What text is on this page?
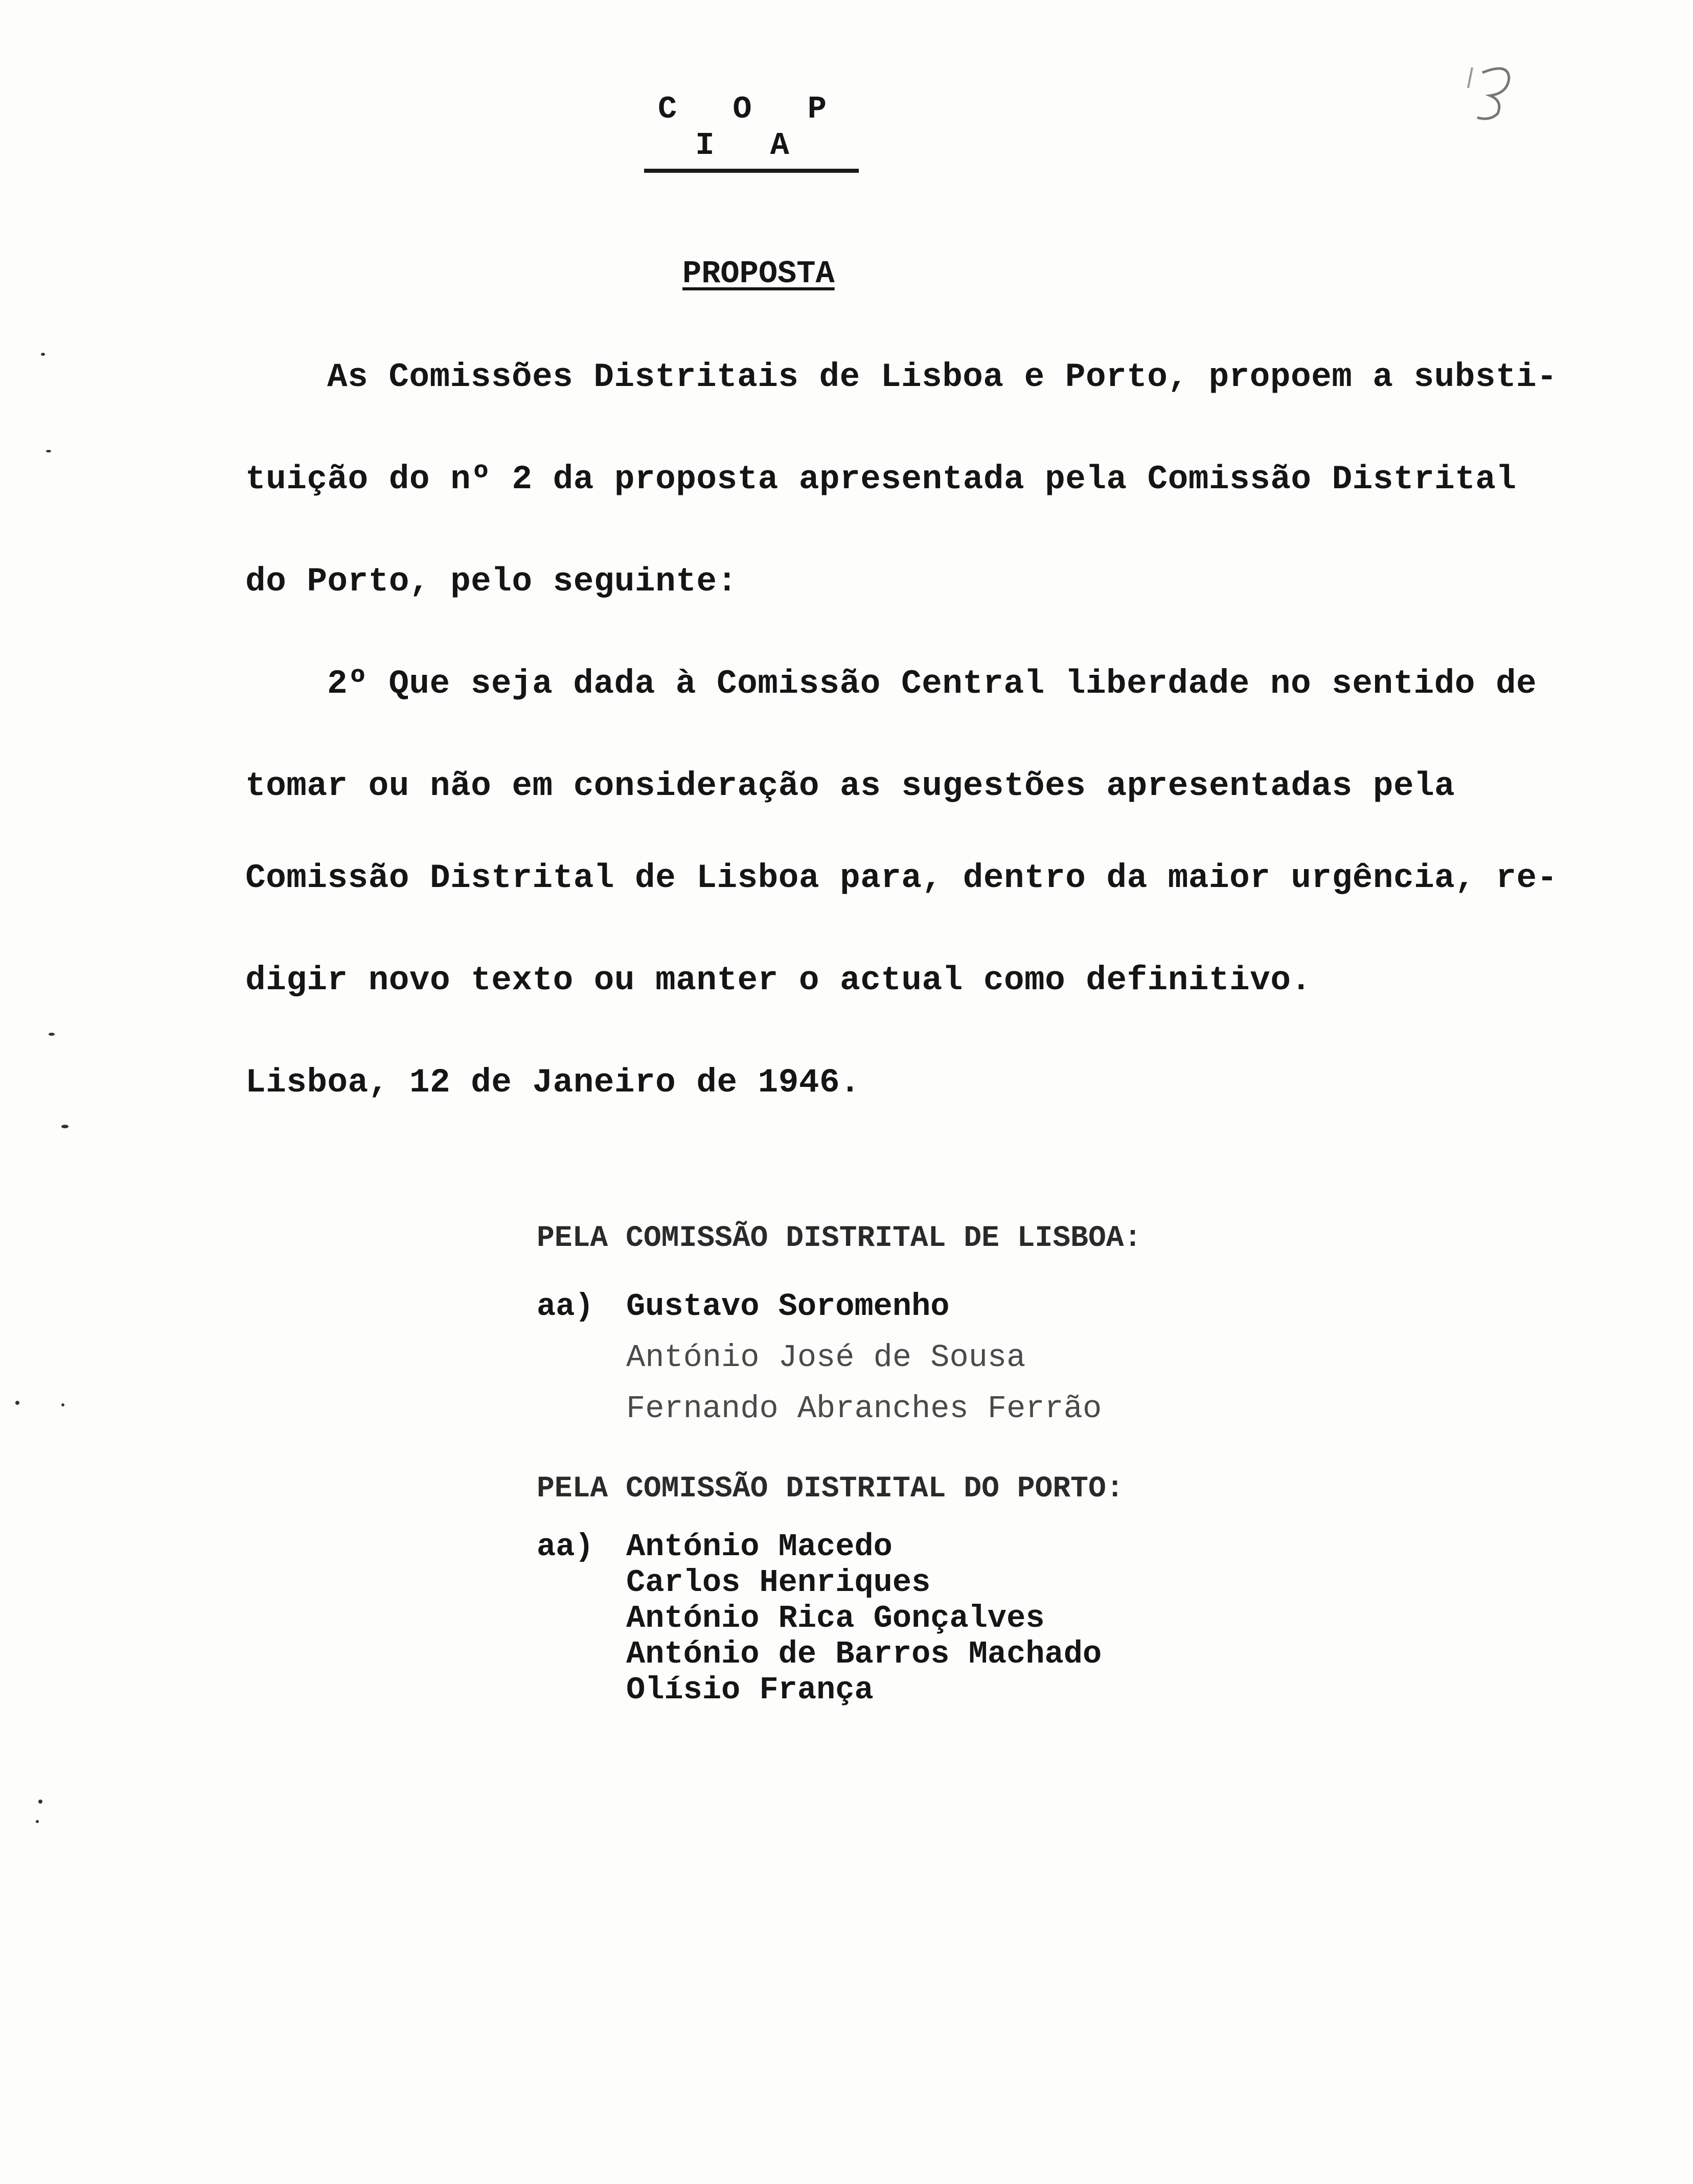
C O P I A
PROPOSTA
As Comissões Distritais de Lisboa e Porto, propoem a substi-
tuição do nº 2 da proposta apresentada pela Comissão Distrital
do Porto, pelo seguinte:
2º Que seja dada à Comissão Central liberdade no sentido de
tomar ou não em consideração as sugestões apresentadas pela
Comissão Distrital de Lisboa para, dentro da maior urgência, re-
digir novo texto ou manter o actual como definitivo.
Lisboa, 12 de Janeiro de 1946.
PELA COMISSÃO DISTRITAL DE LISBOA:
aa) Gustavo Soromenho
António José de Sousa
Fernando Abranches Ferrão
PELA COMISSÃO DISTRITAL DO PORTO:
aa) António Macedo
Carlos Henriques
António Rica Gonçalves
António de Barros Machado
Olísio França
